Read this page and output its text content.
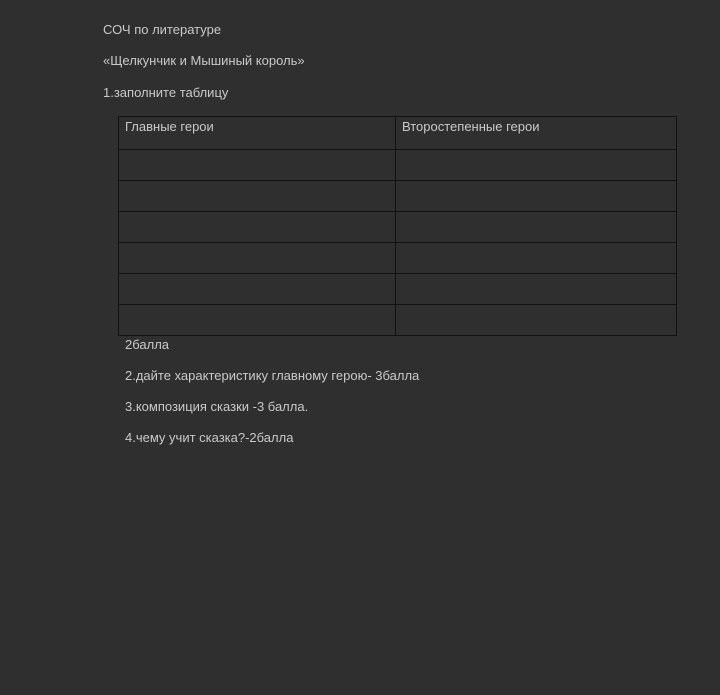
СОЧ по литературе
«Щелкунчик и Мышиный король»
1.заполните таблицу
Главные герои	Второстепенные герои

2балла
2.дайте характеристику главному герою- 3балла
3.композиция сказки -3 балла.
4.чему учит сказка?-2балла
